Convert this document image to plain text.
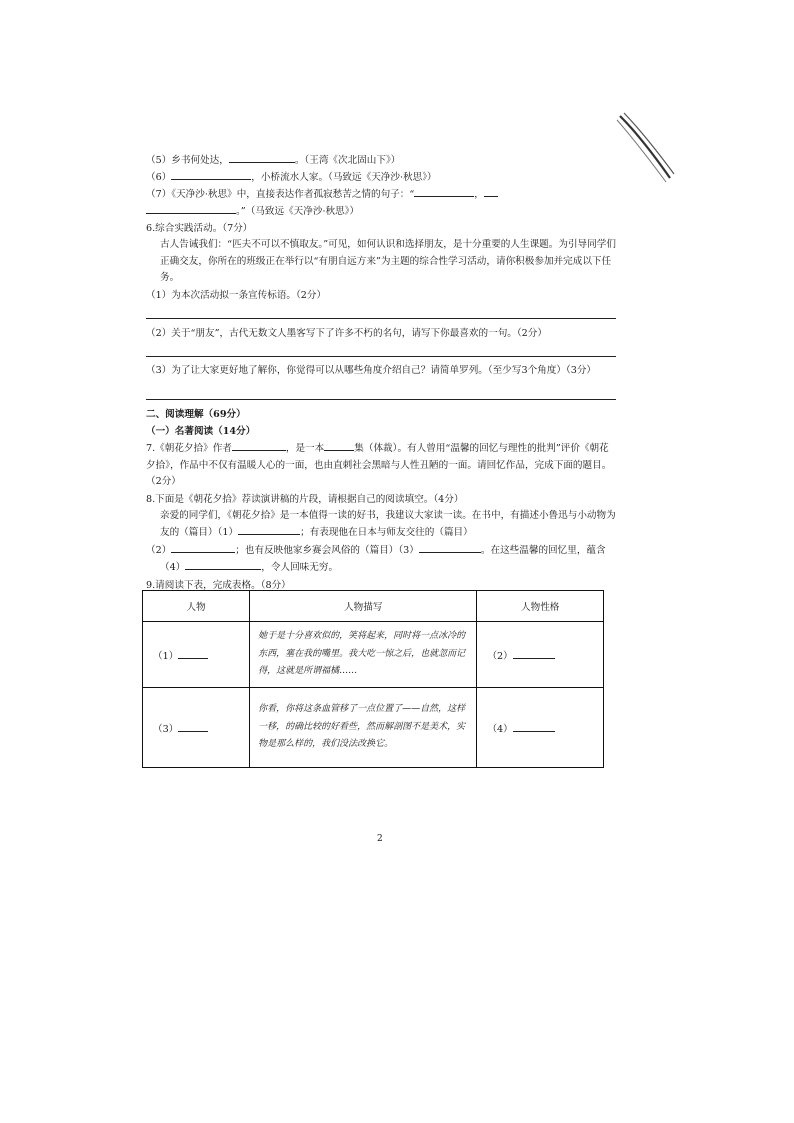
（5）乡书何处达，	。（王湾《次北固山下》）
（6）	，小桥流水人家。（马致远《天净沙·秋思》）
（7）《天净沙·秋思》中，直接表达作者孤寂愁苦之情的句子：“	，
。”（马致远《天净沙·秋思》）
6.综合实践活动。（7分）
古人告诫我们：“匹夫不可以不慎取友。”可见，如何认识和选择朋友，是十分重要的人生课题。为引导同学们正确交友，你所在的班级正在举行以“有朋自远方来”为主题的综合性学习活动，请你积极参加并完成以下任务。
（1）为本次活动拟一条宣传标语。（2分）
（2）关于“朋友”，古代无数文人墨客写下了许多不朽的名句，请写下你最喜欢的一句。（2分）
（3）为了让大家更好地了解你，你觉得可以从哪些角度介绍自己？请简单罗列。（至少写3个角度）（3分）
二、阅读理解（69分）
（一）名著阅读（14分）
7.《朝花夕拾》作者	，是一本	集（体裁）。有人曾用“温馨的回忆与理性的批判”评价《朝花夕拾》，作品中不仅有温暖人心的一面，也由直刺社会黑暗与人性丑陋的一面。请回忆作品，完成下面的题目。（2分）
8.下面是《朝花夕拾》荐读演讲稿的片段，请根据自己的阅读填空。（4分）
亲爱的同学们，《朝花夕拾》是一本值得一读的好书，我建议大家读一读。在书中，有描述小鲁迅与小动物为友的（篇目）（1）	；有表现他在日本与师友交往的（篇目）
（2）	；也有反映他家乡赛会风俗的（篇目）（3）	。在这些温馨的回忆里，蕴含（4）	，令人回味无穷。
9.请阅读下表，完成表格。（8分）
人物	人物描写	人物性格
（1）	她于是十分喜欢似的，笑将起来，同时将一点冰冷的东西，塞在我的嘴里。我大吃一惊之后，也就忽而记得，这就是所谓福橘……	（2）
（3）	你看，你将这条血管移了一点位置了——自然，这样一移，的确比较的好看些，然而解剖图不是美术，实物是那么样的，我们没法改换它。	（4）
2
